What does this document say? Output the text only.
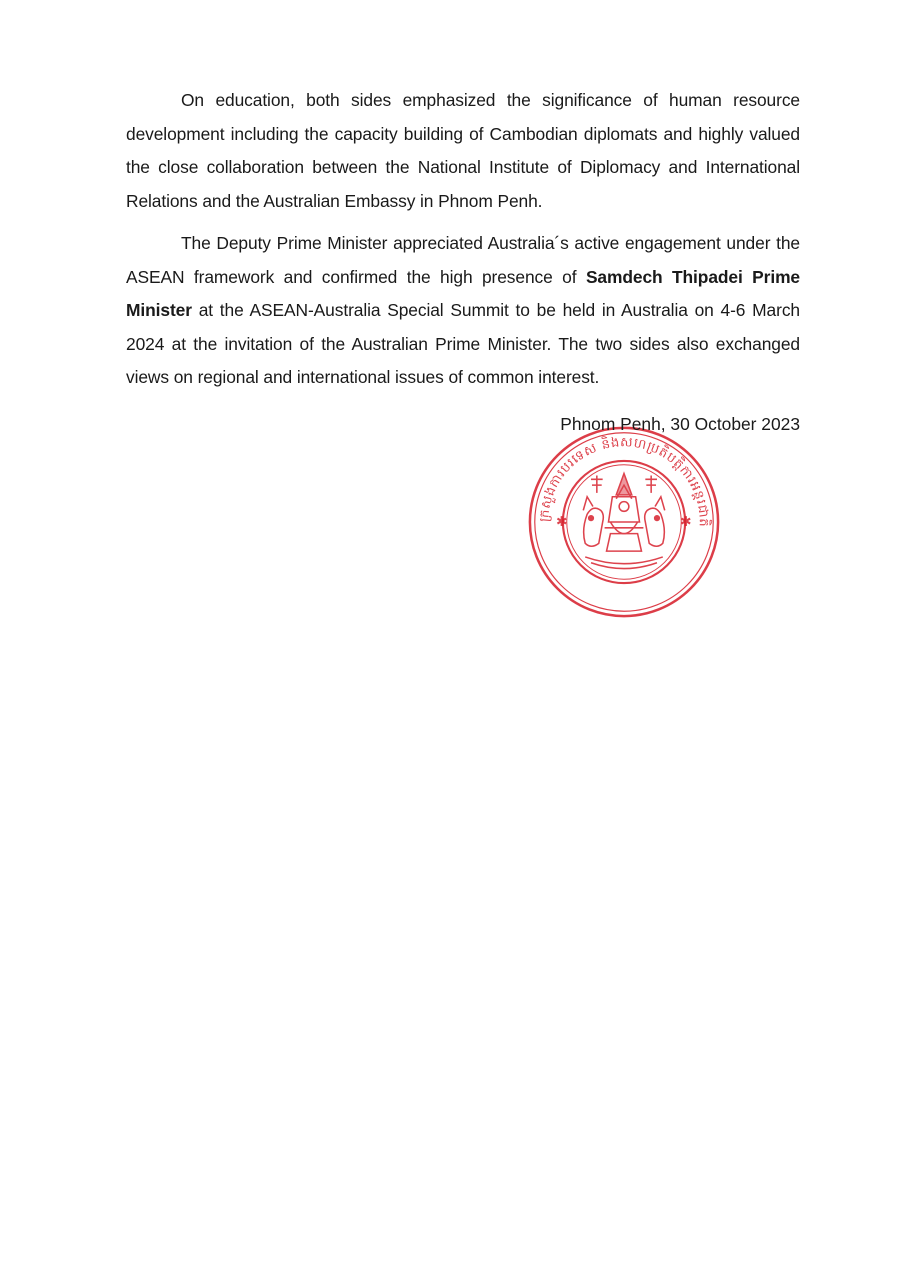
On education, both sides emphasized the significance of human resource development including the capacity building of Cambodian diplomats and highly valued the close collaboration between the National Institute of Diplomacy and International Relations and the Australian Embassy in Phnom Penh.

The Deputy Prime Minister appreciated Australia´s active engagement under the ASEAN framework and confirmed the high presence of Samdech Thipadei Prime Minister at the ASEAN-Australia Special Summit to be held in Australia on 4-6 March 2024 at the invitation of the Australian Prime Minister. The two sides also exchanged views on regional and international issues of common interest.

ក្រសួងការបរទេស និងសហប្រតិបត្តិការអន្តរជាតិ
✱	✱
Phnom Penh, 30 October 2023
